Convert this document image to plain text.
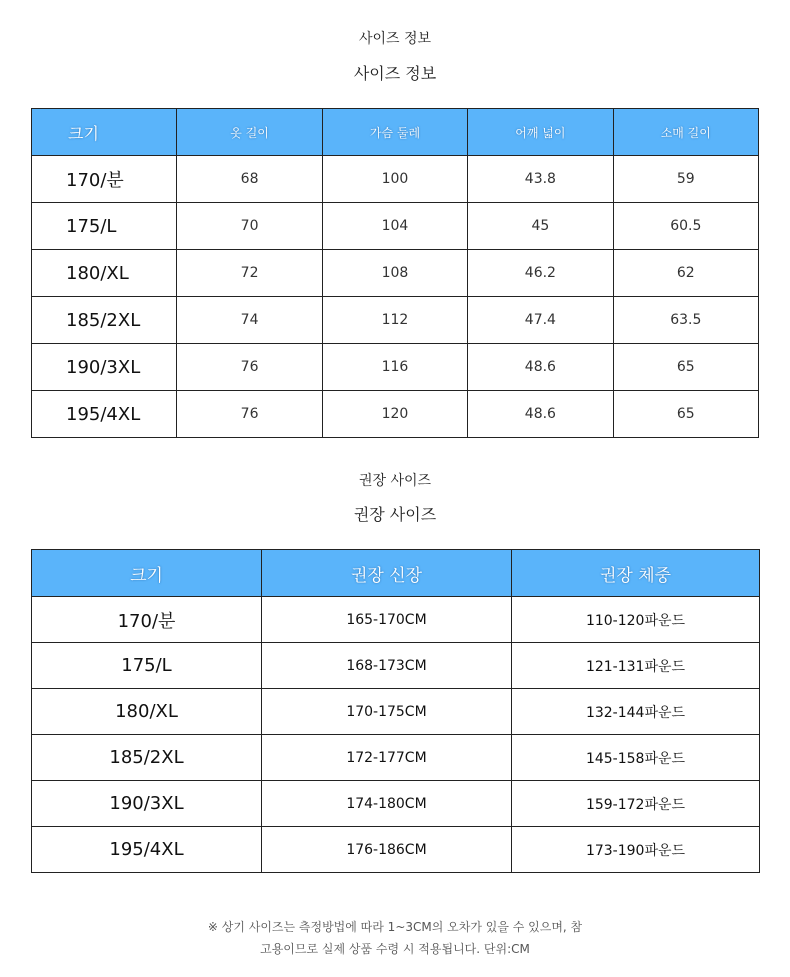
사이즈 정보
사이즈 정보
크기	옷 길이	가슴 둘레	어깨 넓이	소매 길이
170/분	68	100	43.8	59
175/L	70	104	45	60.5
180/XL	72	108	46.2	62
185/2XL	74	112	47.4	63.5
190/3XL	76	116	48.6	65
195/4XL	76	120	48.6	65
권장 사이즈
권장 사이즈
크기	권장 신장	권장 체중
170/분	165-170CM	110-120파운드
175/L	168-173CM	121-131파운드
180/XL	170-175CM	132-144파운드
185/2XL	172-177CM	145-158파운드
190/3XL	174-180CM	159-172파운드
195/4XL	176-186CM	173-190파운드
※ 상기 사이즈는 측정방법에 따라 1~3CM의 오차가 있을 수 있으며, 참
고용이므로 실제 상품 수령 시 적용됩니다. 단위:CM
